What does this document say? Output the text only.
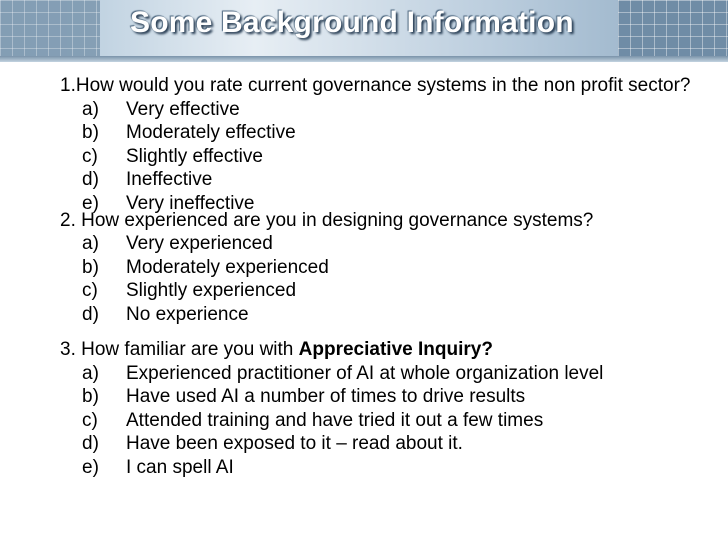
Some Background Information

1.How would you rate current governance systems in the non profit sector?

a)	Very effective
b)	Moderately effective
c)	Slightly effective
d)	Ineffective
e)	Very ineffective

2. How experienced are you in designing governance systems?

a)	Very experienced
b)	Moderately experienced
c)	Slightly experienced
d)	No experience

3. How familiar are you with Appreciative Inquiry?

a)	Experienced practitioner of AI at whole organization level
b)	Have used AI a number of times to drive results
c)	Attended training and have tried it out a few times
d)	Have been exposed to it – read about it.
e)	I can spell AI
